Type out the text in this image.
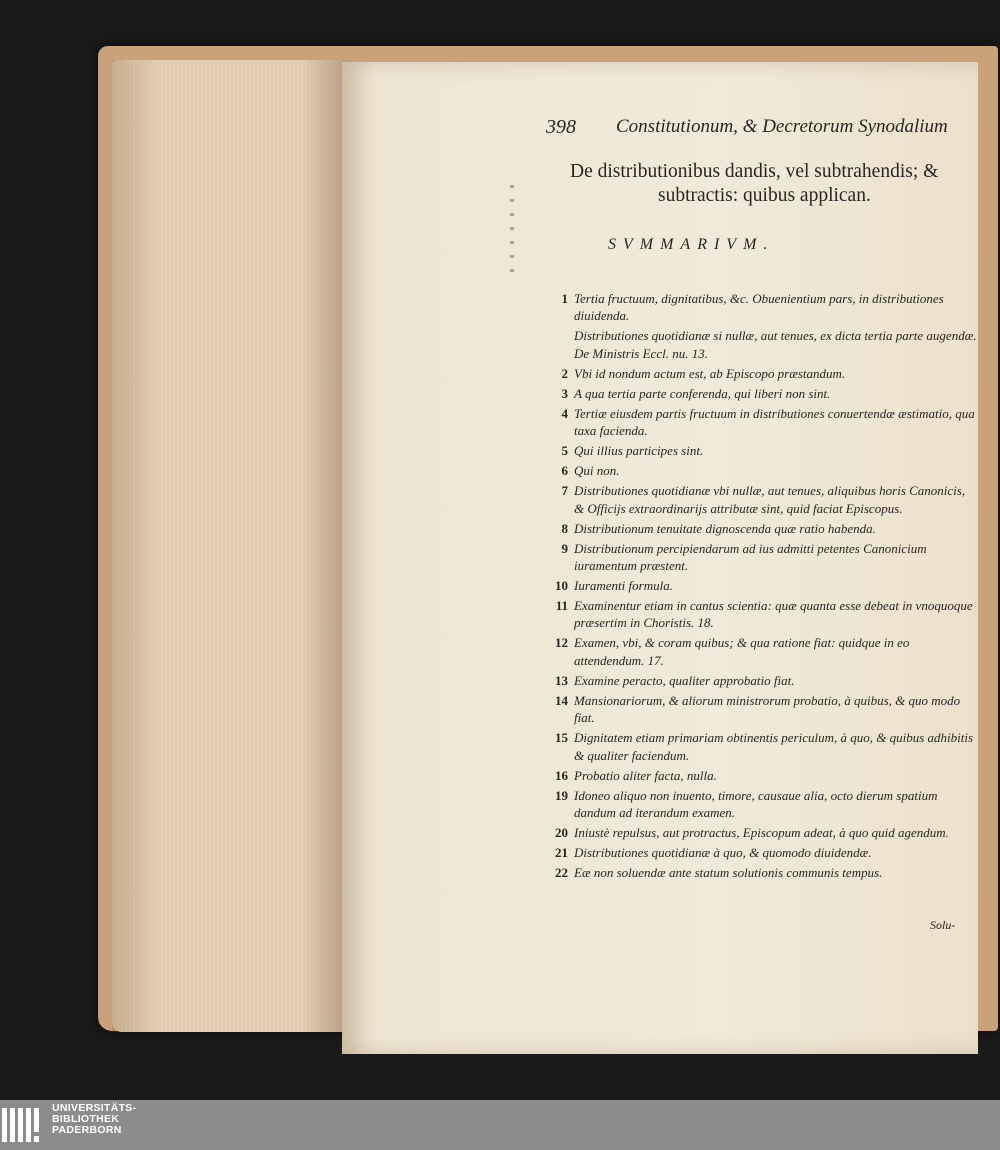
398 Constitutionum, & Decretorum Synodalium
De distributionibus dandis, vel subtrahendis; &
subtractis: quibus applican.
SVMMARIVM.
1 Tertia fructuum, dignitatibus, &c. Obuenientium pars, in distributiones diuidenda.
Distributiones quotidianæ si nullæ, aut tenues, ex dicta tertia parte augendæ. De Ministris Eccl. nu. 13.
2 Vbi id nondum actum est, ab Episcopo præstandum.
3 A qua tertia parte conferenda, qui liberi non sint.
4 Tertiæ eiusdem partis fructuum in distributiones conuertendæ æstimatio, qua taxa facienda.
5 Qui illius participes sint.
6 Qui non.
7 Distributiones quotidianæ vbi nullæ, aut tenues, aliquibus horis Canonicis, & Officijs extraordinarijs attributæ sint, quid faciat Episcopus.
8 Distributionum tenuitate dignoscenda quæ ratio habenda.
9 Distributionum percipiendarum ad ius admitti petentes Canonicium iuramentum præstent.
10 Iuramenti formula.
11 Examinentur etiam in cantus scientia: quæ quanta esse debeat in vnoquoque præsertim in Choristis. 18.
12 Examen, vbi, & coram quibus; & qua ratione fiat: quidque in eo attendendum. 17.
13 Examine peracto, qualiter approbatio fiat.
14 Mansionariorum, & aliorum ministrorum probatio, à quibus, & quo modo fiat.
15 Dignitatem etiam primariam obtinentis periculum, à quo, & quibus adhibitis & qualiter faciendum.
16 Probatio aliter facta, nulla.
19 Idoneo aliquo non inuento, timore, causaue alia, octo dierum spatium dandum ad iterandum examen.
20 Iniustè repulsus, aut protractus, Episcopum adeat, à quo quid agendum.
21 Distributiones quotidianæ à quo, & quomodo diuidendæ.
22 Eæ non soluendæ ante statum solutionis communis tempus.
Solu-
UNIVERSITÄTS-
BIBLIOTHEK
PADERBORN
